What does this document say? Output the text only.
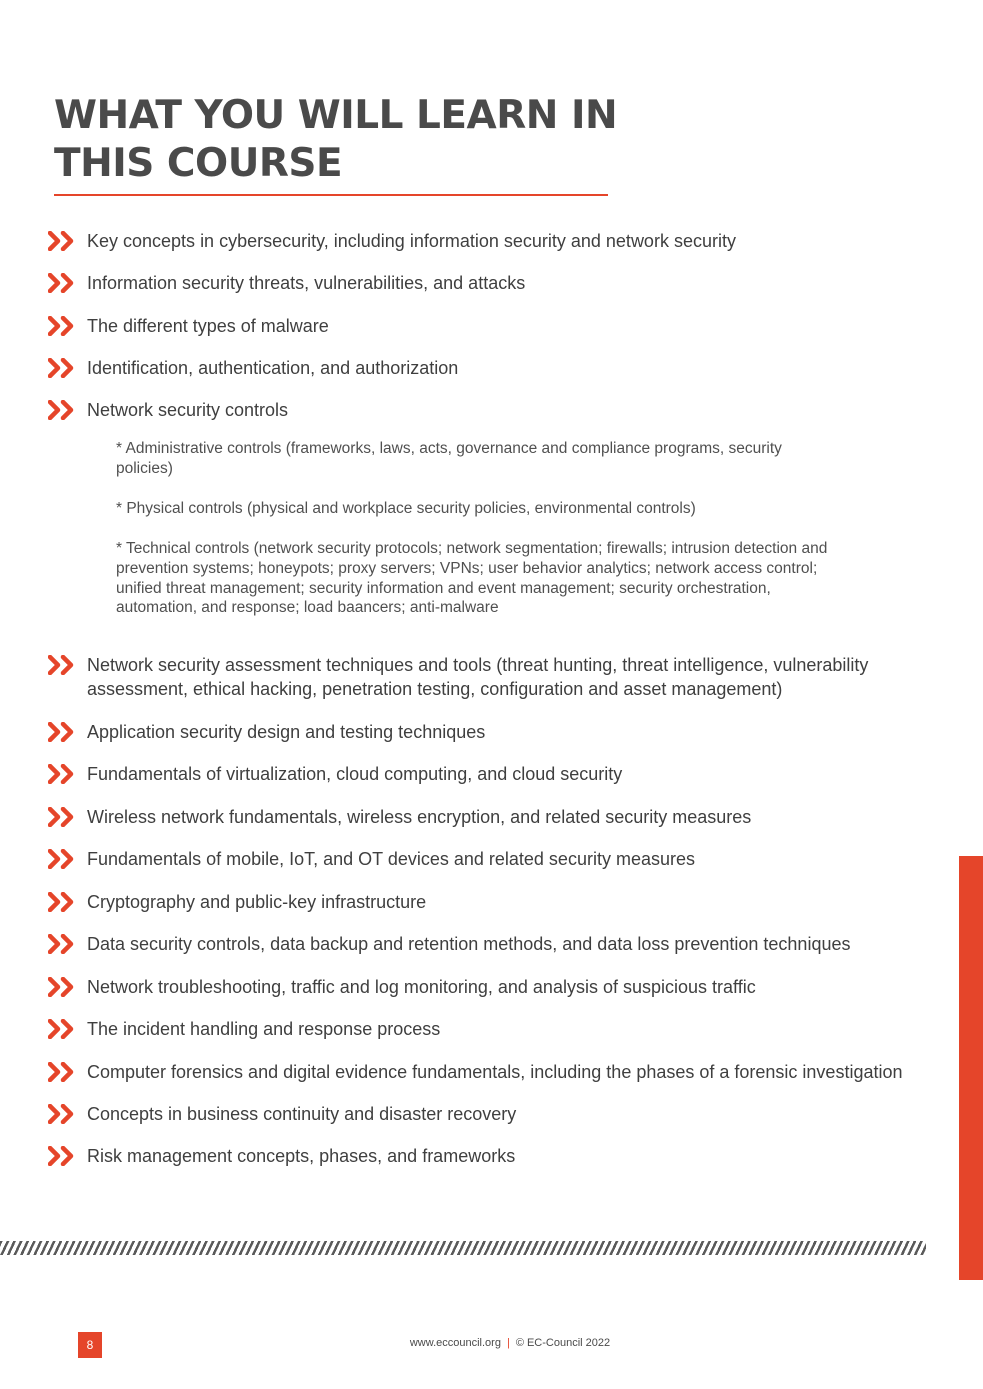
WHAT YOU WILL LEARN IN
THIS COURSE
Key concepts in cybersecurity, including information security and network security
Information security threats, vulnerabilities, and attacks
The different types of malware
Identification, authentication, and authorization
Network security controls
Network security assessment techniques and tools (threat hunting, threat intelligence, vulnerability assessment, ethical hacking, penetration testing, configuration and asset management)
Application security design and testing techniques
Fundamentals of virtualization, cloud computing, and cloud security
Wireless network fundamentals, wireless encryption, and related security measures
Fundamentals of mobile, IoT, and OT devices and related security measures
Cryptography and public-key infrastructure
Data security controls, data backup and retention methods, and data loss prevention techniques
Network troubleshooting, traffic and log monitoring, and analysis of suspicious traffic
The incident handling and response process
Computer forensics and digital evidence fundamentals, including the phases of a forensic investigation
Concepts in business continuity and disaster recovery
Risk management concepts, phases, and frameworks
* Administrative controls (frameworks, laws, acts, governance and compliance programs, security policies)
* Physical controls (physical and workplace security policies, environmental controls)
* Technical controls (network security protocols; network segmentation; firewalls; intrusion detection and prevention systems; honeypots; proxy servers; VPNs; user behavior analytics; network access control; unified threat management; security information and event management; security orchestration, automation, and response; load baancers; anti-malware
8	www.eccouncil.org | © EC-Council 2022
